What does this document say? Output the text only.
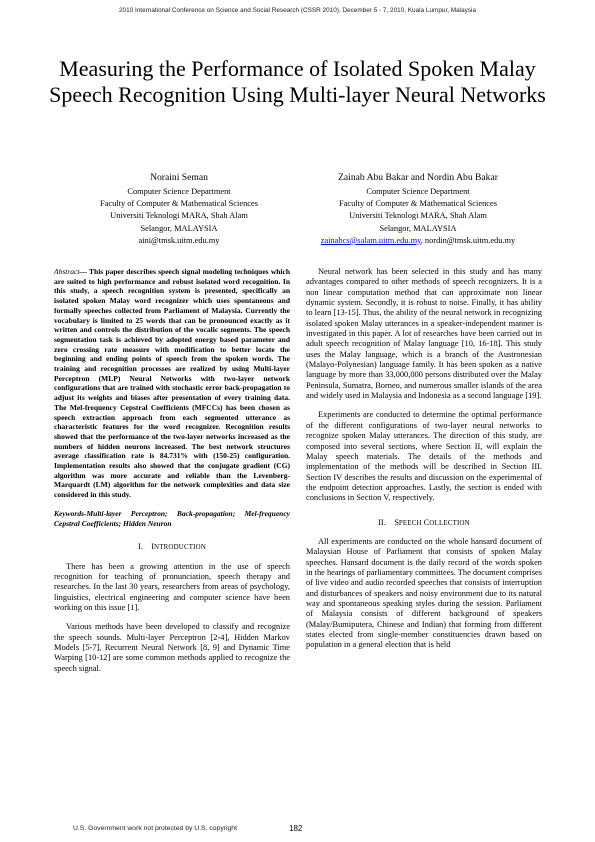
2010 International Conference on Science and Social Research (CSSR 2010), December 5 - 7, 2010, Kuala Lumpur, Malaysia
Measuring the Performance of Isolated Spoken Malay Speech Recognition Using Multi-layer Neural Networks
Noraini Seman
Computer Science Department
Faculty of Computer & Mathematical Sciences
Universiti Teknologi MARA, Shah Alam
Selangor, MALAYSIA
aini@tmsk.uitm.edu.my
Zainab Abu Bakar and Nordin Abu Bakar
Computer Science Department
Faculty of Computer & Mathematical Sciences
Universiti Teknologi MARA, Shah Alam
Selangor, MALAYSIA
zainabcs@salam.uitm.edu.my, nordin@tmsk.uitm.edu.my

Abstract— This paper describes speech signal modeling techniques which are suited to high performance and robust isolated word recognition. In this study, a speech recognition system is presented, specifically an isolated spoken Malay word recognizer which uses spontaneous and formally speeches collected from Parliament of Malaysia. Currently the vocabulary is limited to 25 words that can be pronounced exactly as it written and controls the distribution of the vocalic segments. The speech segmentation task is achieved by adopted energy based parameter and zero crossing rate measure with modification to better locate the beginning and ending points of speech from the spoken words. The training and recognition processes are realized by using Multi-layer Perceptron (MLP) Neural Networks with two-layer network configurations that are trained with stochastic error back-propagation to adjust its weights and biases after presentation of every training data. The Mel-frequency Cepstral Coefficients (MFCCs) has been chosen as speech extraction approach from each segmented utterance as characteristic features for the word recognizer. Recognition results showed that the performance of the two-layer networks increased as the numbers of hidden neurons increased. The best network structures average classification rate is 84.731% with (150-25) configuration. Implementation results also showed that the conjugate gradient (CG) algorithm was more accurate and reliable than the Levenberg-Marquardt (LM) algorithm for the network complexities and data size considered in this study.

Keywords-Multi-layer Perceptron; Back-propagation; Mel-frequency Cepstral Coefficients; Hidden Neuron

I. INTRODUCTION

There has been a growing attention in the use of speech recognition for teaching of pronunciation, speech therapy and researches. In the last 30 years, researchers from areas of psychology, linguistics, electrical engineering and computer science have been working on this issue [1].

Various methods have been developed to classify and recognize the speech sounds. Multi-layer Perceptron [2-4], Hidden Markov Models [5-7], Recurrent Neural Network [8, 9] and Dynamic Time Warping [10-12] are some common methods applied to recognize the speech signal.

Neural network has been selected in this study and has many advantages compared to other methods of speech recognizers. It is a non linear computation method that can approximate non linear dynamic system. Secondly, it is robust to noise. Finally, it has ability to learn [13-15]. Thus, the ability of the neural network in recognizing isolated spoken Malay utterances in a speaker-independent manner is investigated in this paper. A lot of researches have been carried out in adult speech recognition of Malay language [10, 16-18]. This study uses the Malay language, which is a branch of the Austronesian (Malayo-Polynesian) language family. It has been spoken as a native language by more than 33,000,000 persons distributed over the Malay Peninsula, Sumatra, Borneo, and numerous smaller islands of the area and widely used in Malaysia and Indonesia as a second language [19].

Experiments are conducted to determine the optimal performance of the different configurations of two-layer neural networks to recognize spoken Malay utterances. The direction of this study, are composed into several sections, where Section II, will explain the Malay speech materials. The details of the methods and implementation of the methods will be described in Section III. Section IV describes the results and discussion on the experimental of the endpoint detection approaches. Lastly, the section is ended with conclusions in Section V, respectively.

II. SPEECH COLLECTION

All experiments are conducted on the whole hansard document of Malaysian House of Parliament that consists of spoken Malay speeches. Hansard document is the daily record of the words spoken in the hearings of parliamentary committees. The document comprises of live video and audio recorded speeches that consists of interruption and disturbances of speakers and noisy environment due to its natural way and spontaneous speaking styles during the session. Parliament of Malaysia consists of different background of speakers (Malay/Bumiputera, Chinese and Indian) that forming from different states elected from single-member constituencies drawn based on population in a general election that is held

U.S. Government work not protected by U.S. copyright	182
